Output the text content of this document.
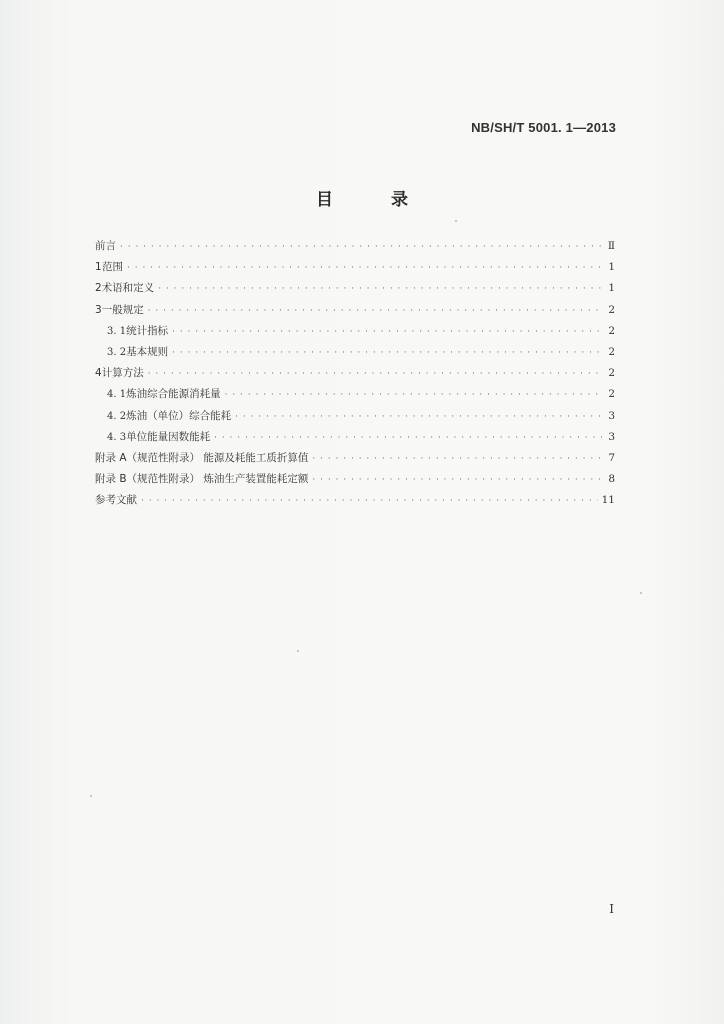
NB/SH/T 5001. 1—2013
目 录
前言 · · ·	Ⅱ
1 范围 · · ·	1
2 术语和定义 · · ·	1
3 一般规定 · · ·	2
3. 1 统计指标 · · ·	2
3. 2 基本规则 · · ·	2
4 计算方法 · · ·	2
4. 1 炼油综合能源消耗量 · · ·	2
4. 2 炼油（单位）综合能耗 · · ·	3
4. 3 单位能量因数能耗 · · ·	3
附录 A（规范性附录） 能源及耗能工质折算值 · · ·	7
附录 B（规范性附录） 炼油生产装置能耗定额 · · ·	8
参考文献 · · ·	11
I
